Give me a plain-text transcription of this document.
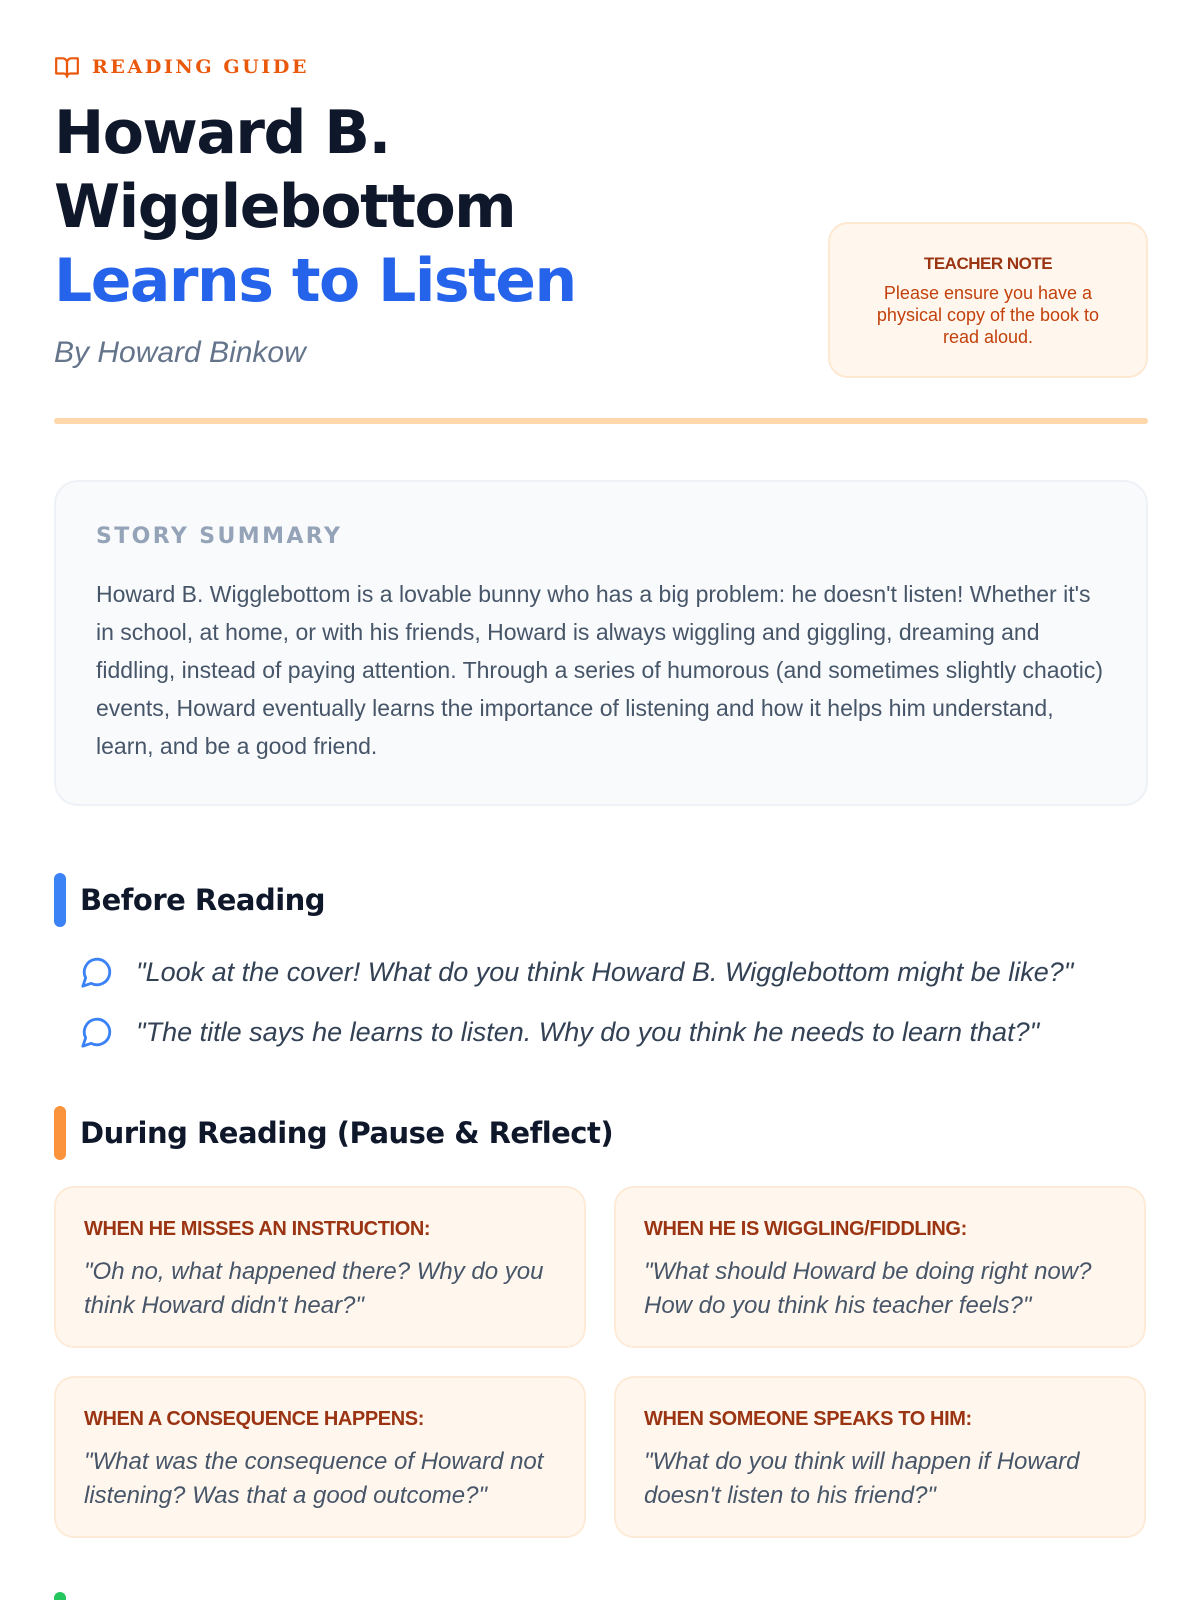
READING GUIDE
Howard B.
Wigglebottom
Learns to Listen
By Howard Binkow
TEACHER NOTE
Please ensure you have a physical copy of the book to read aloud.
STORY SUMMARY

Howard B. Wigglebottom is a lovable bunny who has a big problem: he doesn't listen! Whether it's in school, at home, or with his friends, Howard is always wiggling and giggling, dreaming and fiddling, instead of paying attention. Through a series of humorous (and sometimes slightly chaotic) events, Howard eventually learns the importance of listening and how it helps him understand, learn, and be a good friend.

Before Reading
"Look at the cover! What do you think Howard B. Wigglebottom might be like?"
"The title says he learns to listen. Why do you think he needs to learn that?"
During Reading (Pause & Reflect)
WHEN HE MISSES AN INSTRUCTION:
"Oh no, what happened there? Why do you think Howard didn't hear?"
WHEN HE IS WIGGLING/FIDDLING:
"What should Howard be doing right now? How do you think his teacher feels?"
WHEN A CONSEQUENCE HAPPENS:
"What was the consequence of Howard not listening? Was that a good outcome?"
WHEN SOMEONE SPEAKS TO HIM:
"What do you think will happen if Howard doesn't listen to his friend?"
